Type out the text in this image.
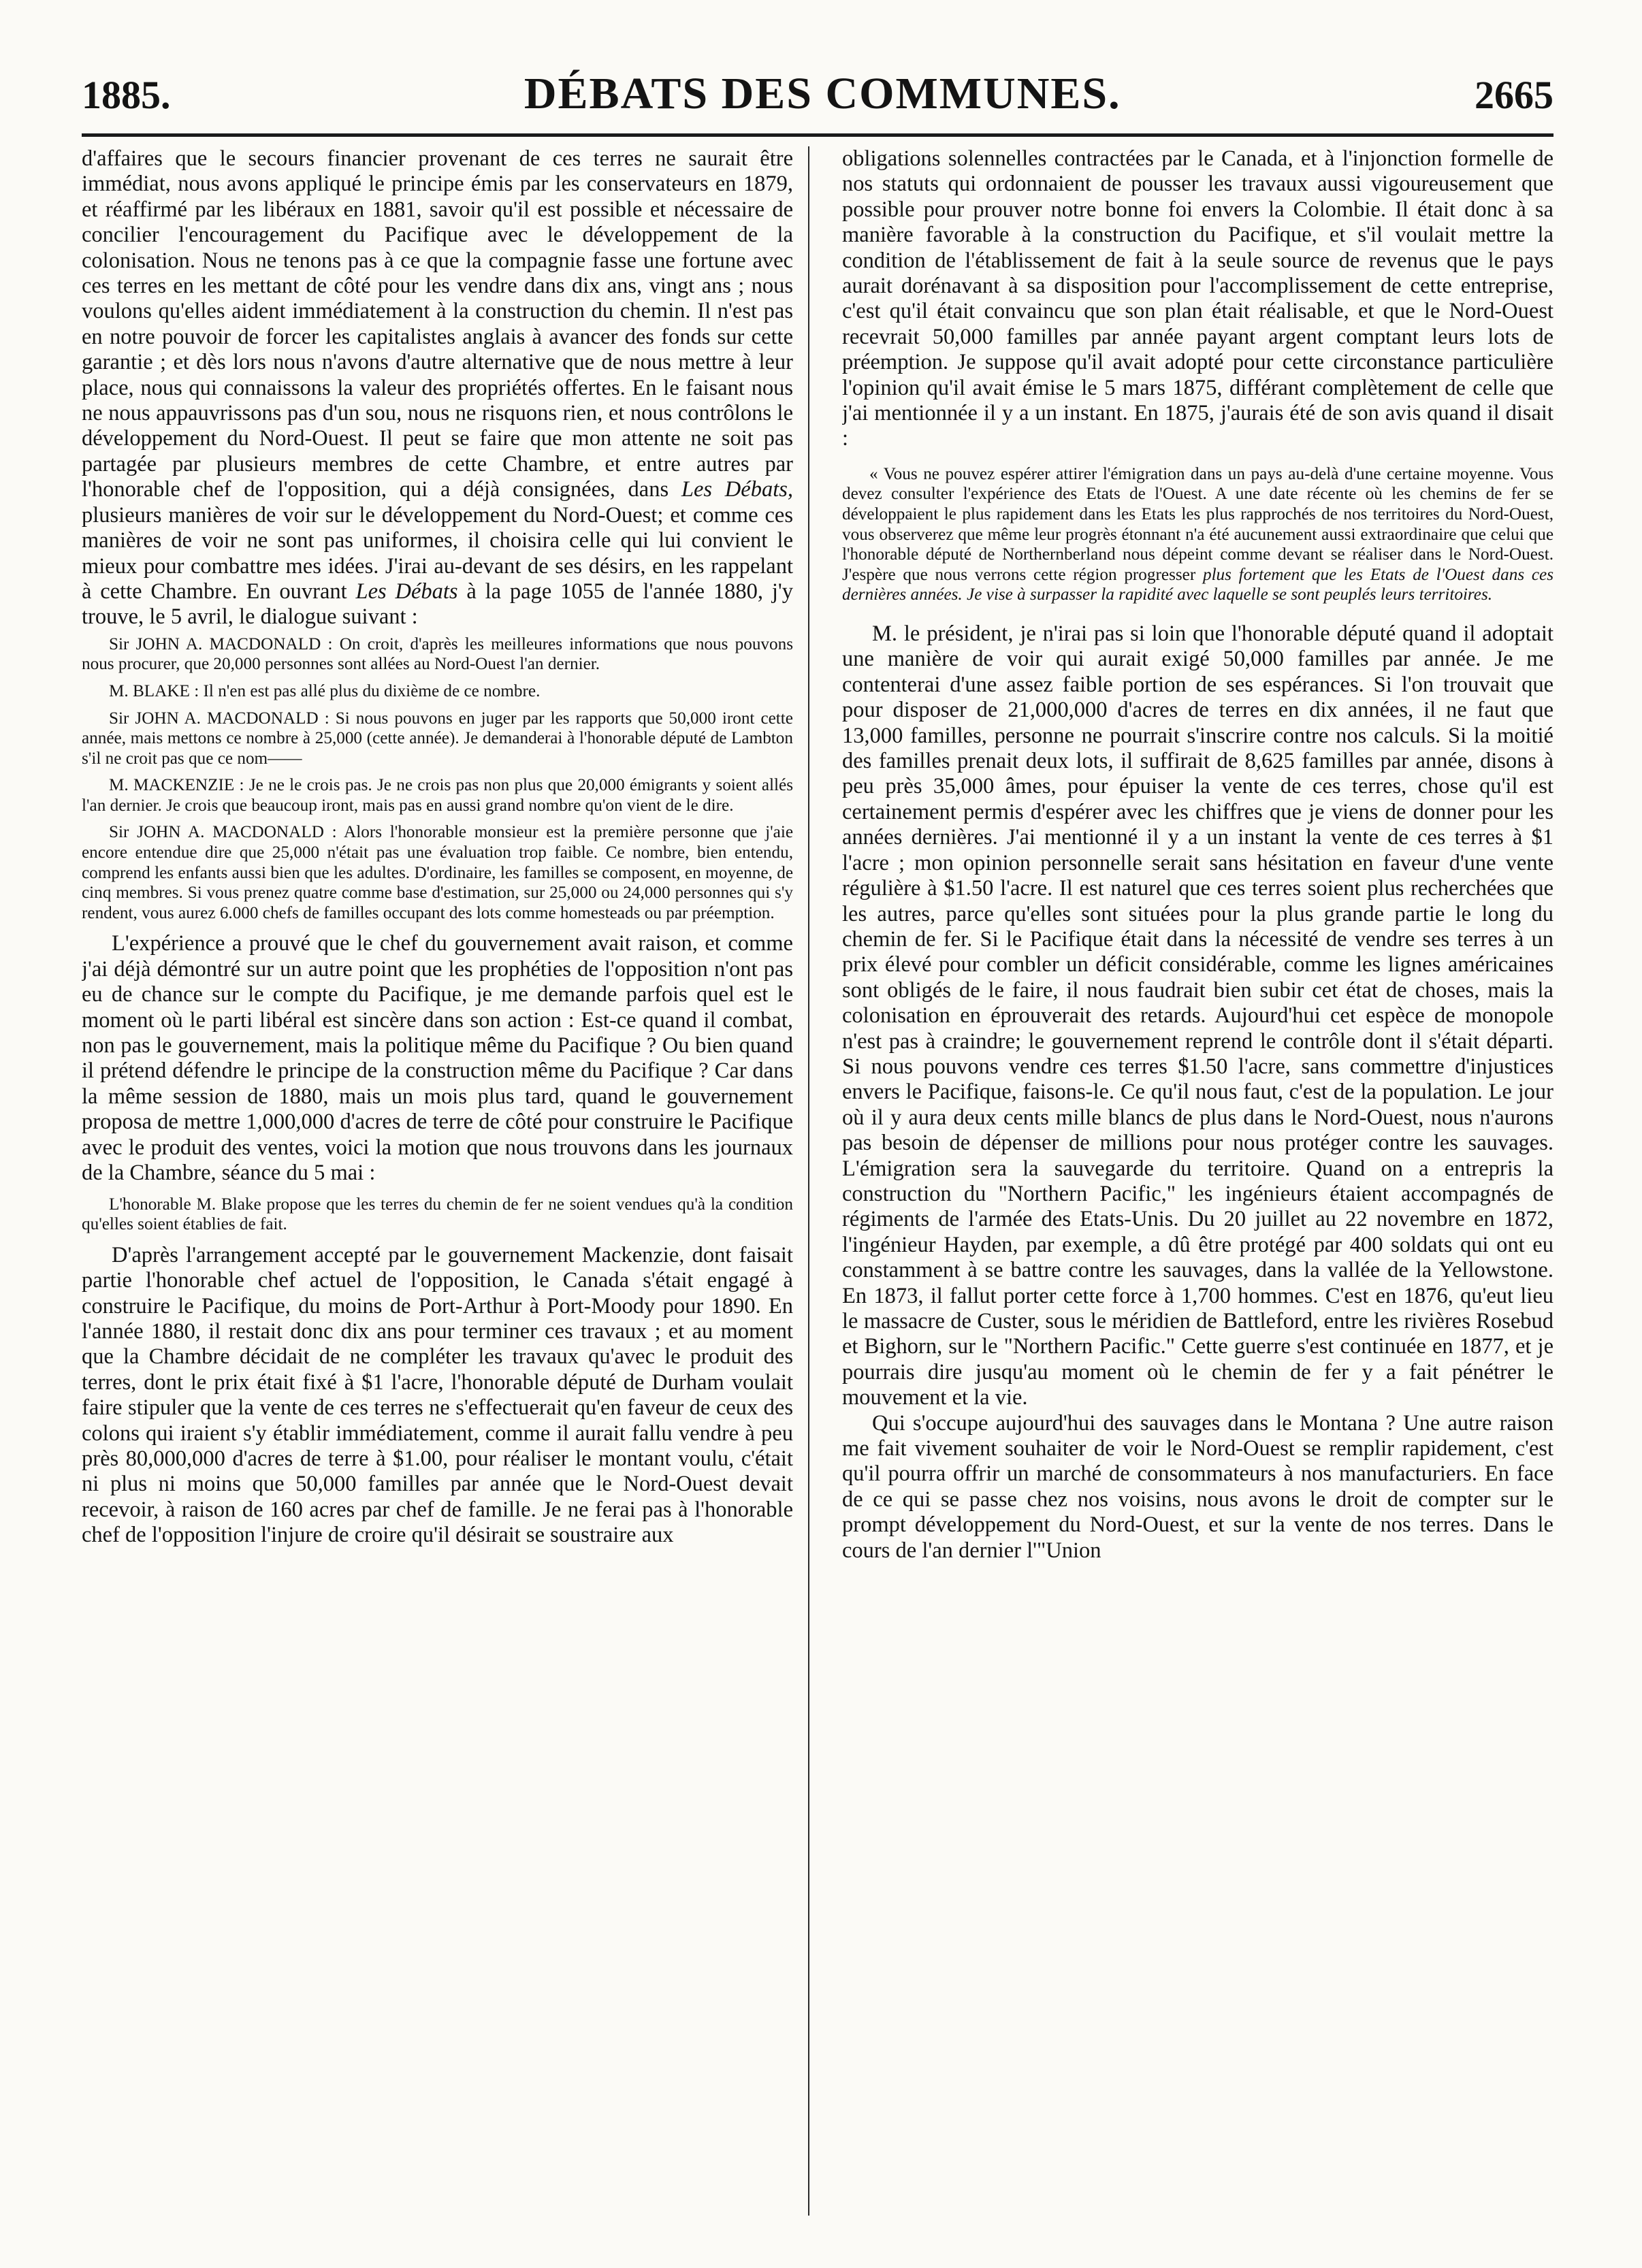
1885.	DÉBATS DES COMMUNES.	2665

d'affaires que le secours financier provenant de ces terres ne saurait être immédiat, nous avons appliqué le principe émis par les conservateurs en 1879, et réaffirmé par les libéraux en 1881, savoir qu'il est possible et nécessaire de concilier l'encouragement du Pacifique avec le développement de la colonisation. Nous ne tenons pas à ce que la compagnie fasse une fortune avec ces terres en les mettant de côté pour les vendre dans dix ans, vingt ans ; nous voulons qu'elles aident immédiatement à la construction du chemin. Il n'est pas en notre pouvoir de forcer les capitalistes anglais à avancer des fonds sur cette garantie ; et dès lors nous n'avons d'autre alternative que de nous mettre à leur place, nous qui connaissons la valeur des propriétés offertes. En le faisant nous ne nous appauvrissons pas d'un sou, nous ne risquons rien, et nous contrôlons le développement du Nord-Ouest. Il peut se faire que mon attente ne soit pas partagée par plusieurs membres de cette Chambre, et entre autres par l'honorable chef de l'opposition, qui a déjà consignées, dans Les Débats, plusieurs manières de voir sur le développement du Nord-Ouest; et comme ces manières de voir ne sont pas uniformes, il choisira celle qui lui convient le mieux pour combattre mes idées. J'irai au-devant de ses désirs, en les rappelant à cette Chambre. En ouvrant Les Débats à la page 1055 de l'année 1880, j'y trouve, le 5 avril, le dialogue suivant :

Sir JOHN A. MACDONALD : On croit, d'après les meilleures informations que nous pouvons nous procurer, que 20,000 personnes sont allées au Nord-Ouest l'an dernier.

M. BLAKE : Il n'en est pas allé plus du dixième de ce nombre.

Sir JOHN A. MACDONALD : Si nous pouvons en juger par les rapports que 50,000 iront cette année, mais mettons ce nombre à 25,000 (cette année). Je demanderai à l'honorable député de Lambton s'il ne croit pas que ce nom——

M. MACKENZIE : Je ne le crois pas. Je ne crois pas non plus que 20,000 émigrants y soient allés l'an dernier. Je crois que beaucoup iront, mais pas en aussi grand nombre qu'on vient de le dire.

Sir JOHN A. MACDONALD : Alors l'honorable monsieur est la première personne que j'aie encore entendue dire que 25,000 n'était pas une évaluation trop faible. Ce nombre, bien entendu, comprend les enfants aussi bien que les adultes. D'ordinaire, les familles se composent, en moyenne, de cinq membres. Si vous prenez quatre comme base d'estimation, sur 25,000 ou 24,000 personnes qui s'y rendent, vous aurez 6.000 chefs de familles occupant des lots comme homesteads ou par préemption.

L'expérience a prouvé que le chef du gouvernement avait raison, et comme j'ai déjà démontré sur un autre point que les prophéties de l'opposition n'ont pas eu de chance sur le compte du Pacifique, je me demande parfois quel est le moment où le parti libéral est sincère dans son action : Est-ce quand il combat, non pas le gouvernement, mais la politique même du Pacifique ? Ou bien quand il prétend défendre le principe de la construction même du Pacifique ? Car dans la même session de 1880, mais un mois plus tard, quand le gouvernement proposa de mettre 1,000,000 d'acres de terre de côté pour construire le Pacifique avec le produit des ventes, voici la motion que nous trouvons dans les journaux de la Chambre, séance du 5 mai :

L'honorable M. Blake propose que les terres du chemin de fer ne soient vendues qu'à la condition qu'elles soient établies de fait.

D'après l'arrangement accepté par le gouvernement Mackenzie, dont faisait partie l'honorable chef actuel de l'opposition, le Canada s'était engagé à construire le Pacifique, du moins de Port-Arthur à Port-Moody pour 1890. En l'année 1880, il restait donc dix ans pour terminer ces travaux ; et au moment que la Chambre décidait de ne compléter les travaux qu'avec le produit des terres, dont le prix était fixé à $1 l'acre, l'honorable député de Durham voulait faire stipuler que la vente de ces terres ne s'effectuerait qu'en faveur de ceux des colons qui iraient s'y établir immédiatement, comme il aurait fallu vendre à peu près 80,000,000 d'acres de terre à $1.00, pour réaliser le montant voulu, c'était ni plus ni moins que 50,000 familles par année que le Nord-Ouest devait recevoir, à raison de 160 acres par chef de famille. Je ne ferai pas à l'honorable chef de l'opposition l'injure de croire qu'il désirait se soustraire aux

obligations solennelles contractées par le Canada, et à l'injonction formelle de nos statuts qui ordonnaient de pousser les travaux aussi vigoureusement que possible pour prouver notre bonne foi envers la Colombie. Il était donc à sa manière favorable à la construction du Pacifique, et s'il voulait mettre la condition de l'établissement de fait à la seule source de revenus que le pays aurait dorénavant à sa disposition pour l'accomplissement de cette entreprise, c'est qu'il était convaincu que son plan était réalisable, et que le Nord-Ouest recevrait 50,000 familles par année payant argent comptant leurs lots de préemption. Je suppose qu'il avait adopté pour cette circonstance particulière l'opinion qu'il avait émise le 5 mars 1875, différant complètement de celle que j'ai mentionnée il y a un instant. En 1875, j'aurais été de son avis quand il disait :

« Vous ne pouvez espérer attirer l'émigration dans un pays au-delà d'une certaine moyenne. Vous devez consulter l'expérience des Etats de l'Ouest. A une date récente où les chemins de fer se développaient le plus rapidement dans les Etats les plus rapprochés de nos territoires du Nord-Ouest, vous observerez que même leur progrès étonnant n'a été aucunement aussi extraordinaire que celui que l'honorable député de Northernberland nous dépeint comme devant se réaliser dans le Nord-Ouest. J'espère que nous verrons cette région progresser plus fortement que les Etats de l'Ouest dans ces dernières années. Je vise à surpasser la rapidité avec laquelle se sont peuplés leurs territoires.

M. le président, je n'irai pas si loin que l'honorable député quand il adoptait une manière de voir qui aurait exigé 50,000 familles par année. Je me contenterai d'une assez faible portion de ses espérances. Si l'on trouvait que pour disposer de 21,000,000 d'acres de terres en dix années, il ne faut que 13,000 familles, personne ne pourrait s'inscrire contre nos calculs. Si la moitié des familles prenait deux lots, il suffirait de 8,625 familles par année, disons à peu près 35,000 âmes, pour épuiser la vente de ces terres, chose qu'il est certainement permis d'espérer avec les chiffres que je viens de donner pour les années dernières. J'ai mentionné il y a un instant la vente de ces terres à $1 l'acre ; mon opinion personnelle serait sans hésitation en faveur d'une vente régulière à $1.50 l'acre. Il est naturel que ces terres soient plus recherchées que les autres, parce qu'elles sont situées pour la plus grande partie le long du chemin de fer. Si le Pacifique était dans la nécessité de vendre ses terres à un prix élevé pour combler un déficit considérable, comme les lignes américaines sont obligés de le faire, il nous faudrait bien subir cet état de choses, mais la colonisation en éprouverait des retards. Aujourd'hui cet espèce de monopole n'est pas à craindre; le gouvernement reprend le contrôle dont il s'était départi. Si nous pouvons vendre ces terres $1.50 l'acre, sans commettre d'injustices envers le Pacifique, faisons-le. Ce qu'il nous faut, c'est de la population. Le jour où il y aura deux cents mille blancs de plus dans le Nord-Ouest, nous n'aurons pas besoin de dépenser de millions pour nous protéger contre les sauvages. L'émigration sera la sauvegarde du territoire. Quand on a entrepris la construction du "Northern Pacific," les ingénieurs étaient accompagnés de régiments de l'armée des Etats-Unis. Du 20 juillet au 22 novembre en 1872, l'ingénieur Hayden, par exemple, a dû être protégé par 400 soldats qui ont eu constamment à se battre contre les sauvages, dans la vallée de la Yellowstone. En 1873, il fallut porter cette force à 1,700 hommes. C'est en 1876, qu'eut lieu le massacre de Custer, sous le méridien de Battleford, entre les rivières Rosebud et Bighorn, sur le "Northern Pacific." Cette guerre s'est continuée en 1877, et je pourrais dire jusqu'au moment où le chemin de fer y a fait pénétrer le mouvement et la vie.

Qui s'occupe aujourd'hui des sauvages dans le Montana ? Une autre raison me fait vivement souhaiter de voir le Nord-Ouest se remplir rapidement, c'est qu'il pourra offrir un marché de consommateurs à nos manufacturiers. En face de ce qui se passe chez nos voisins, nous avons le droit de compter sur le prompt développement du Nord-Ouest, et sur la vente de nos terres. Dans le cours de l'an dernier l'"Union
